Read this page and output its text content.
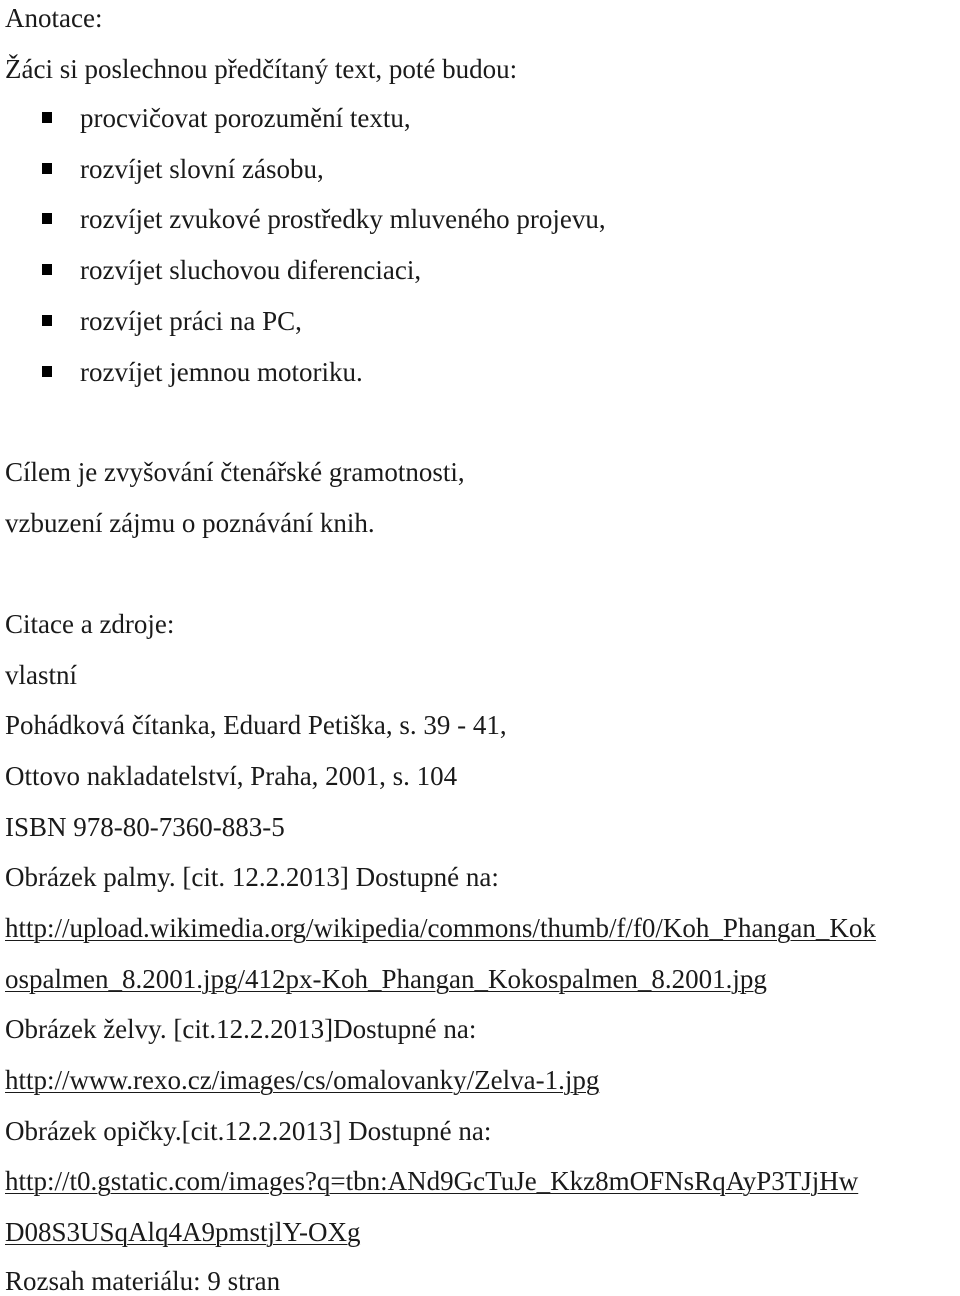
Anotace:
Žáci si poslechnou předčítaný text, poté budou:
procvičovat porozumění textu,
rozvíjet slovní zásobu,
rozvíjet zvukové prostředky mluveného projevu,
rozvíjet sluchovou diferenciaci,
rozvíjet práci na PC,
rozvíjet jemnou motoriku.
Cílem je zvyšování čtenářské gramotnosti,
vzbuzení zájmu o poznávání knih.
Citace a zdroje:
vlastní
Pohádková čítanka, Eduard Petiška, s. 39 - 41,
Ottovo nakladatelství, Praha, 2001, s. 104
ISBN 978-80-7360-883-5
Obrázek palmy. [cit. 12.2.2013] Dostupné na:
http://upload.wikimedia.org/wikipedia/commons/thumb/f/f0/Koh_Phangan_Kok
ospalmen_8.2001.jpg/412px-Koh_Phangan_Kokospalmen_8.2001.jpg
Obrázek želvy. [cit.12.2.2013]Dostupné na:
http://www.rexo.cz/images/cs/omalovanky/Zelva-1.jpg
Obrázek opičky.[cit.12.2.2013] Dostupné na:
http://t0.gstatic.com/images?q=tbn:ANd9GcTuJe_Kkz8mOFNsRqAyP3TJjHw
D08S3USqAlq4A9pmstjlY-OXg
Rozsah materiálu: 9 stran
